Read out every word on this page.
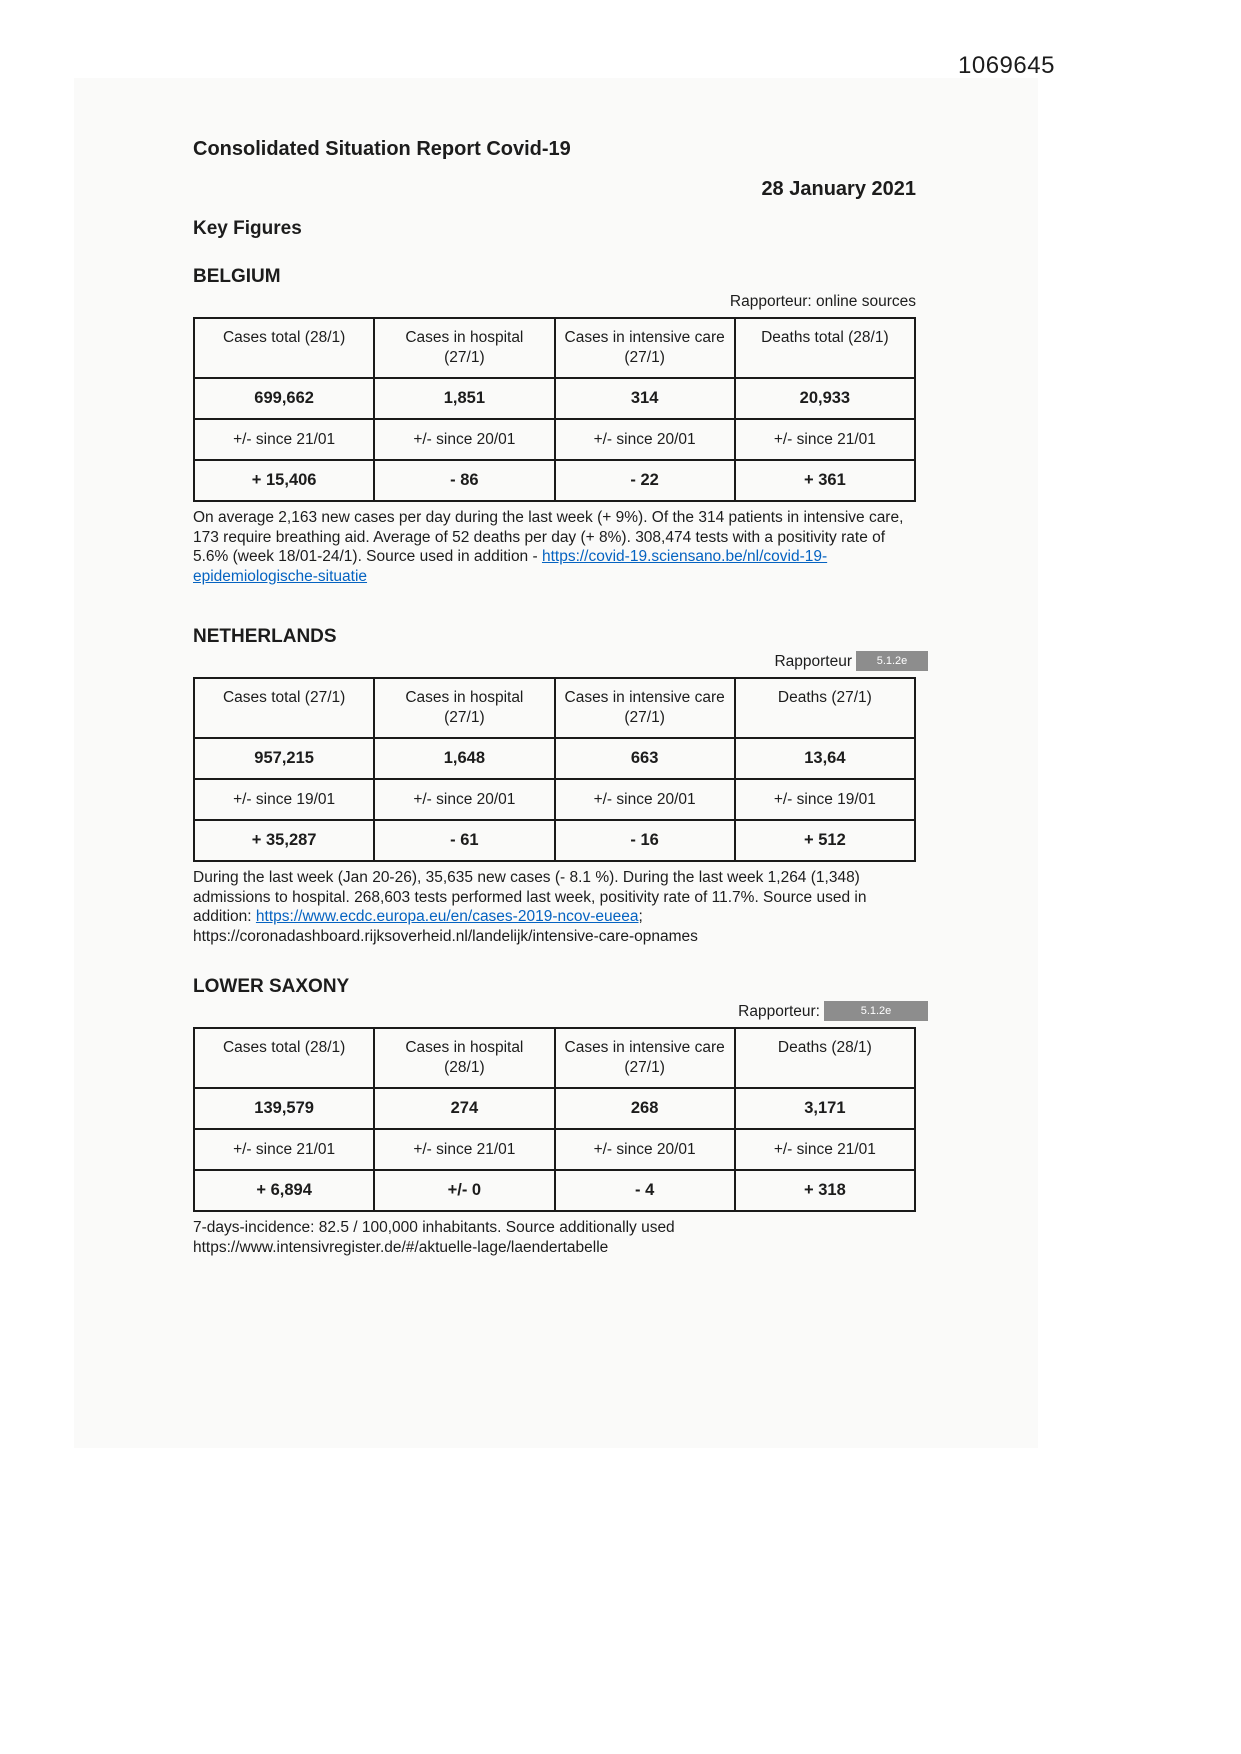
1069645
Consolidated Situation Report Covid-19
28 January 2021
Key Figures
BELGIUM
Rapporteur: online sources
Cases total (28/1)	Cases in hospital (27/1)	Cases in intensive care (27/1)	Deaths total (28/1)
699,662	1,851	314	20,933
+/- since 21/01	+/- since 20/01	+/- since 20/01	+/- since 21/01
+ 15,406	- 86	- 22	+ 361

On average 2,163 new cases per day during the last week (+ 9%). Of the 314 patients in intensive care, 173 require breathing aid. Average of 52 deaths per day (+ 8%). 308,474 tests with a positivity rate of 5.6% (week 18/01-24/1). Source used in addition - https://covid-19.sciensano.be/nl/covid-19-epidemiologische-situatie

NETHERLANDS
Rapporteur 5.1.2e
Cases total (27/1)	Cases in hospital (27/1)	Cases in intensive care (27/1)	Deaths (27/1)
957,215	1,648	663	13,64
+/- since 19/01	+/- since 20/01	+/- since 20/01	+/- since 19/01
+ 35,287	- 61	- 16	+ 512

During the last week (Jan 20-26), 35,635 new cases (- 8.1 %). During the last week 1,264 (1,348) admissions to hospital. 268,603 tests performed last week, positivity rate of 11.7%. Source used in addition: https://www.ecdc.europa.eu/en/cases-2019-ncov-eueea;
https://coronadashboard.rijksoverheid.nl/landelijk/intensive-care-opnames

LOWER SAXONY
Rapporteur:	5.1.2e
Cases total (28/1)	Cases in hospital (28/1)	Cases in intensive care (27/1)	Deaths (28/1)
139,579	274	268	3,171
+/- since 21/01	+/- since 21/01	+/- since 20/01	+/- since 21/01
+ 6,894	+/- 0	- 4	+ 318

7-days-incidence: 82.5 / 100,000 inhabitants. Source additionally used
https://www.intensivregister.de/#/aktuelle-lage/laendertabelle
